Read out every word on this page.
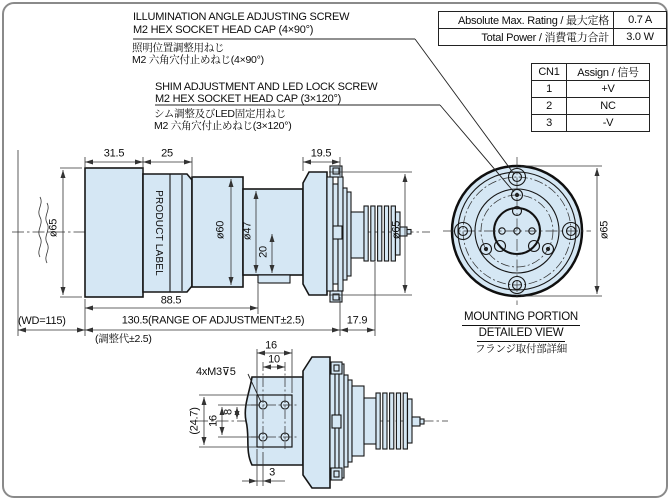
ILLUMINATION ANGLE ADJUSTING SCREW
M2 HEX SOCKET HEAD CAP (4×90°)
照明位置調整用ねじ
M2 六角穴付止めねじ(4×90°)
SHIM ADJUSTMENT AND LED LOCK SCREW
M2 HEX SOCKET HEAD CAP (3×120°)
シム調整及びLED固定用ねじ
M2 六角穴付止めねじ(3×120°)
Absolute Max. Rating / 最大定格	0.7 A
Total Power / 消費電力合計	3.0 W
CN1	Assign / 信号
1	+V
2	NC
3	-V
31.5	25	19.5
ø65	ø60 ø47
20
ø65
88.5
(WD=115)	130.5(RANGE OF ADJUSTMENT±2.5)	17.9
(調整代±2.5)
PRODUCT LABEL
16
10
4xM3⊽5
(24.7) 16
8
3
ø65
MOUNTING PORTION
DETAILED VIEW
フランジ取付部詳細
